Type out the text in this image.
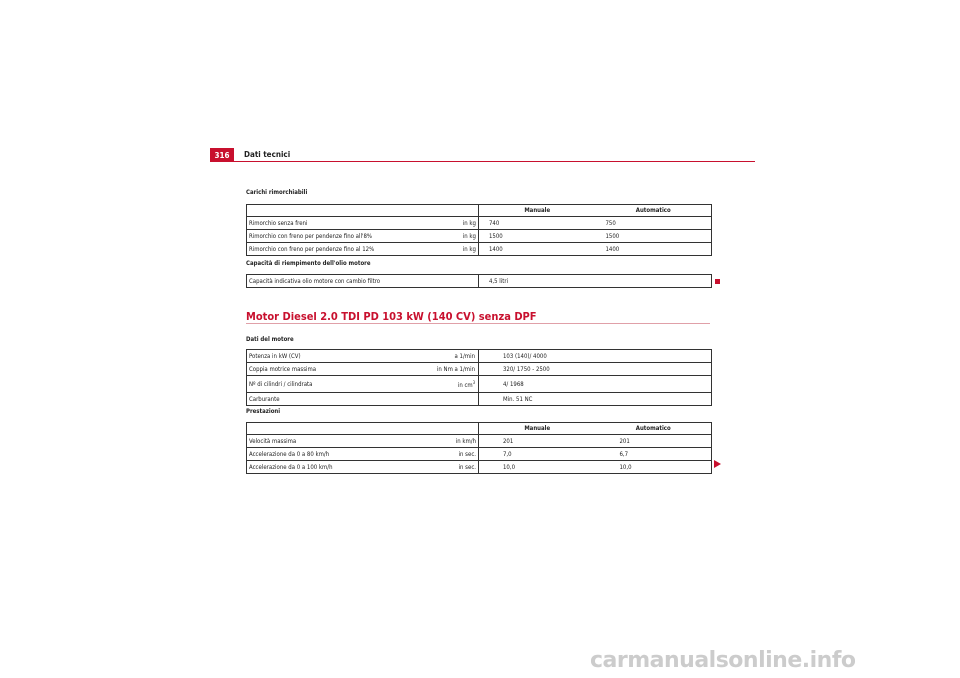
316	Dati tecnici
Carichi rimorchiabili
	Manuale	Automatico

Rimorchio senza freni in kg	740	750

Rimorchio con freno per pendenze fino all'8% in kg	1500	1500

Rimorchio con freno per pendenze fino al 12% in kg	1400	1400
Capacità di riempimento dell'olio motore
Capacità indicativa olio motore con cambio filtro	4,5 litri
Motor Diesel 2.0 TDI PD 103 kW (140 CV) senza DPF
Dati del motore
Potenza in kW (CV)	a 1/min	103 (140)/ 4000
Coppia motrice massima	in Nm a 1/min	320/ 1750 - 2500
Nº di cilindri / cilindrata	in $cm^3$	4/ 1968
Carburante		Min. 51 NC
Prestazioni
	Manuale	Automatico

Velocità massima in km/h	201	201

Accelerazione da 0 a 80 km/h in sec.	7,0	6,7

Accelerazione da 0 a 100 km/h in sec.	10,0	10,0
carmanualsonline.info
